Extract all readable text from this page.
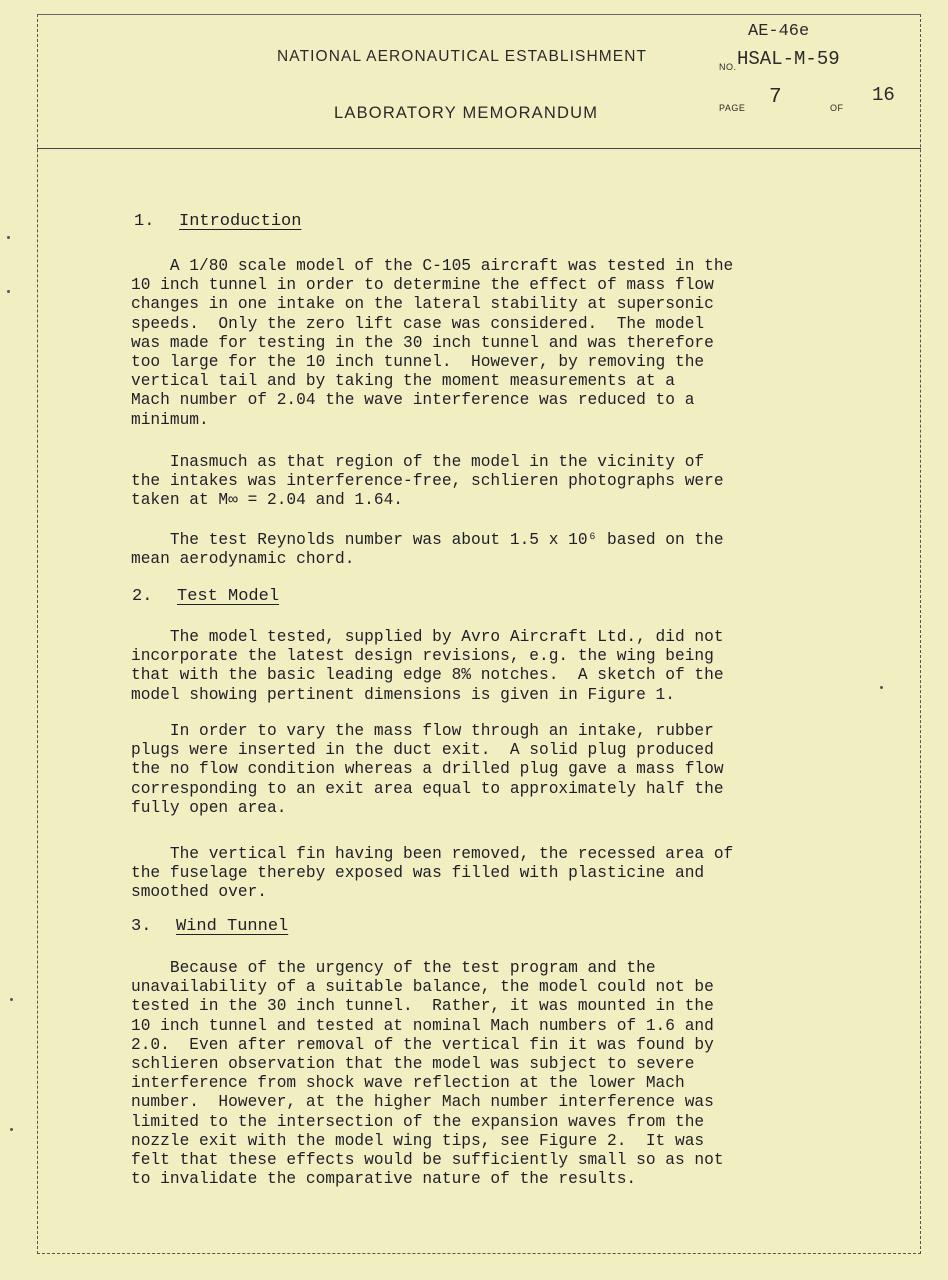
NATIONAL AERONAUTICAL ESTABLISHMENT
LABORATORY MEMORANDUM
NO.
PAGE	OF
AE-46e
HSAL-M-59
7	16
1. Introduction
A 1/80 scale model of the C-105 aircraft was tested in the
10 inch tunnel in order to determine the effect of mass flow
changes in one intake on the lateral stability at supersonic
speeds.  Only the zero lift case was considered.  The model
was made for testing in the 30 inch tunnel and was therefore
too large for the 10 inch tunnel.  However, by removing the
vertical tail and by taking the moment measurements at a
Mach number of 2.04 the wave interference was reduced to a
minimum.
Inasmuch as that region of the model in the vicinity of
the intakes was interference-free, schlieren photographs were
taken at M∞ = 2.04 and 1.64.
The test Reynolds number was about 1.5 x 10⁶ based on the
mean aerodynamic chord.
2. Test Model
The model tested, supplied by Avro Aircraft Ltd., did not
incorporate the latest design revisions, e.g. the wing being
that with the basic leading edge 8% notches.  A sketch of the
model showing pertinent dimensions is given in Figure 1.
In order to vary the mass flow through an intake, rubber
plugs were inserted in the duct exit.  A solid plug produced
the no flow condition whereas a drilled plug gave a mass flow
corresponding to an exit area equal to approximately half the
fully open area.
The vertical fin having been removed, the recessed area of
the fuselage thereby exposed was filled with plasticine and
smoothed over.
3. Wind Tunnel
Because of the urgency of the test program and the
unavailability of a suitable balance, the model could not be
tested in the 30 inch tunnel.  Rather, it was mounted in the
10 inch tunnel and tested at nominal Mach numbers of 1.6 and
2.0.  Even after removal of the vertical fin it was found by
schlieren observation that the model was subject to severe
interference from shock wave reflection at the lower Mach
number.  However, at the higher Mach number interference was
limited to the intersection of the expansion waves from the
nozzle exit with the model wing tips, see Figure 2.  It was
felt that these effects would be sufficiently small so as not
to invalidate the comparative nature of the results.
